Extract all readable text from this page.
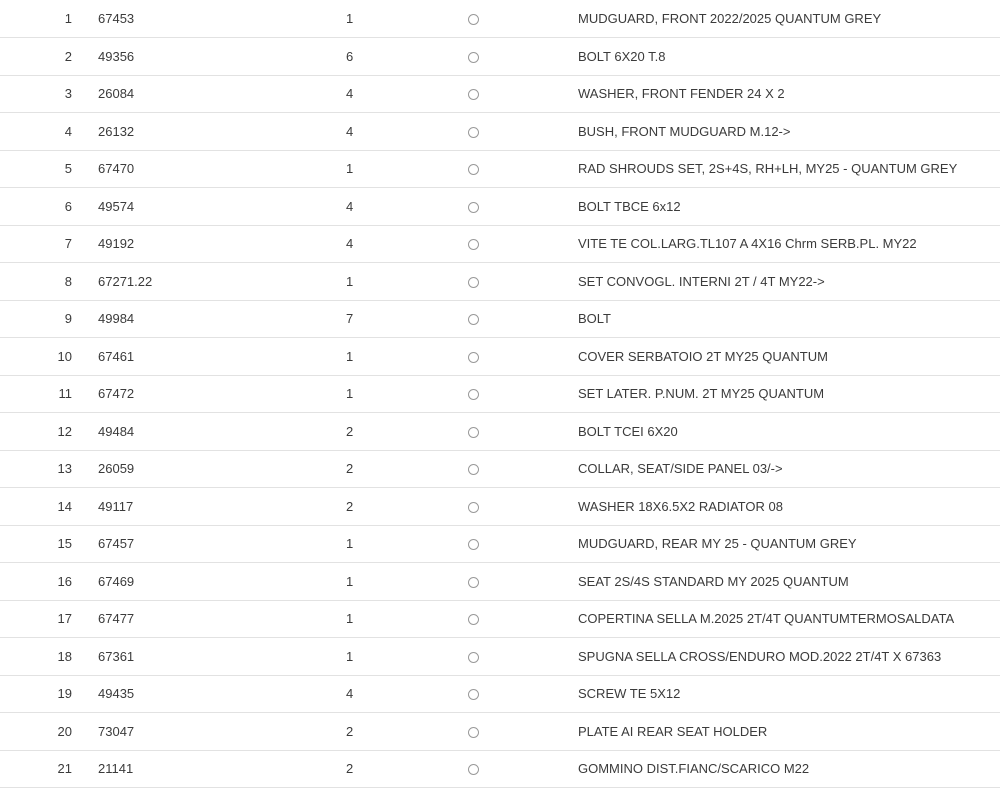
1	67453	1		MUDGUARD, FRONT 2022/2025 QUANTUM GREY
2	49356	6		BOLT 6X20 T.8
3	26084	4		WASHER, FRONT FENDER 24 X 2
4	26132	4		BUSH, FRONT MUDGUARD M.12->
5	67470	1		RAD SHROUDS SET, 2S+4S, RH+LH, MY25 - QUANTUM GREY
6	49574	4		BOLT TBCE 6x12
7	49192	4		VITE TE COL.LARG.TL107 A 4X16 Chrm SERB.PL. MY22
8	67271.22	1		SET CONVOGL. INTERNI 2T / 4T MY22->
9	49984	7		BOLT
10	67461	1		COVER SERBATOIO 2T MY25 QUANTUM
11	67472	1		SET LATER. P.NUM. 2T MY25 QUANTUM
12	49484	2		BOLT TCEI 6X20
13	26059	2		COLLAR, SEAT/SIDE PANEL 03/->
14	49117	2		WASHER 18X6.5X2 RADIATOR 08
15	67457	1		MUDGUARD, REAR MY 25 - QUANTUM GREY
16	67469	1		SEAT 2S/4S STANDARD MY 2025 QUANTUM
17	67477	1		COPERTINA SELLA M.2025 2T/4T QUANTUMTERMOSALDATA
18	67361	1		SPUGNA SELLA CROSS/ENDURO MOD.2022 2T/4T X 67363
19	49435	4		SCREW TE 5X12
20	73047	2		PLATE AI REAR SEAT HOLDER
21	21141	2		GOMMINO DIST.FIANC/SCARICO M22
